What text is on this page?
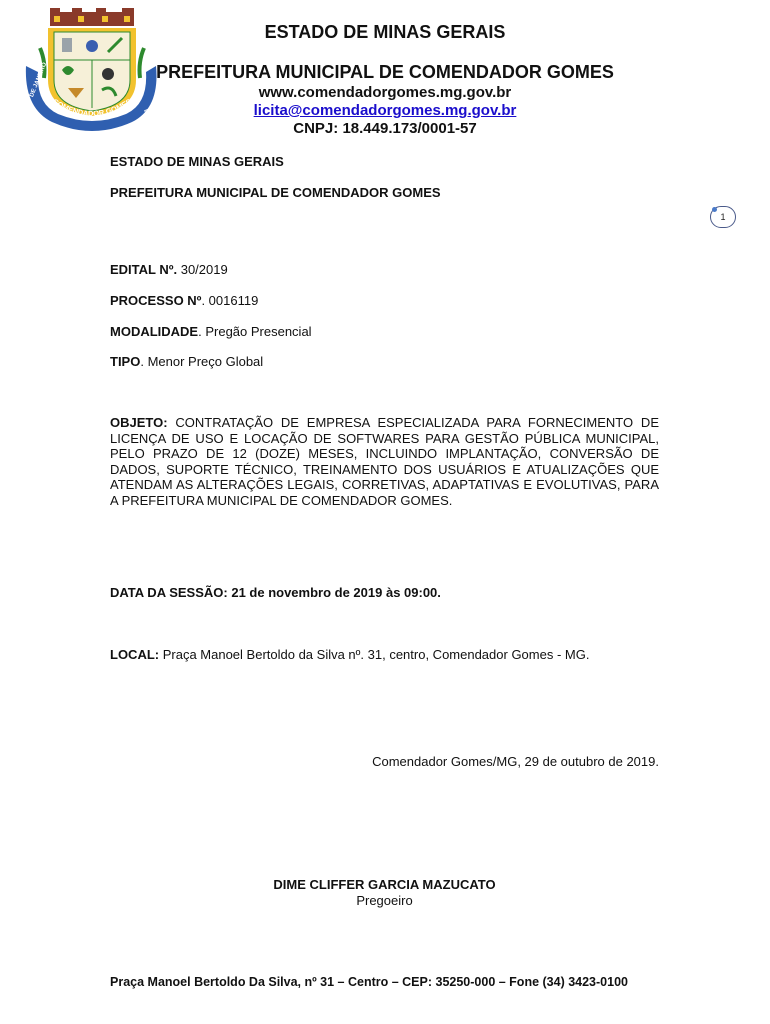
COMENDADOR GOMES
1º DE JANEIRO
DE 1948
ESTADO DE MINAS GERAIS
PREFEITURA MUNICIPAL DE COMENDADOR GOMES
www.comendadorgomes.mg.gov.br
licita@comendadorgomes.mg.gov.br
CNPJ: 18.449.173/0001-57
ESTADO DE MINAS GERAIS
PREFEITURA MUNICIPAL DE COMENDADOR GOMES
1
EDITAL Nº. 30/2019
PROCESSO Nº. 0016119
MODALIDADE. Pregão Presencial
TIPO. Menor Preço Global
OBJETO: CONTRATAÇÃO DE EMPRESA ESPECIALIZADA PARA FORNECIMENTO DE LICENÇA DE USO E LOCAÇÃO DE SOFTWARES PARA GESTÃO PÚBLICA MUNICIPAL, PELO PRAZO DE 12 (DOZE) MESES, INCLUINDO IMPLANTAÇÃO, CONVERSÃO DE DADOS, SUPORTE TÉCNICO, TREINAMENTO DOS USUÁRIOS E ATUALIZAÇÕES QUE ATENDAM AS ALTERAÇÕES LEGAIS, CORRETIVAS, ADAPTATIVAS E EVOLUTIVAS, PARA A PREFEITURA MUNICIPAL DE COMENDADOR GOMES.
DATA DA SESSÃO: 21 de novembro de 2019 às 09:00.
LOCAL: Praça Manoel Bertoldo da Silva nº. 31, centro, Comendador Gomes - MG.
Comendador Gomes/MG, 29 de outubro de 2019.
DIME CLIFFER GARCIA MAZUCATO
Pregoeiro
Praça Manoel Bertoldo Da Silva, nº 31 – Centro – CEP: 35250-000 – Fone (34) 3423-0100
